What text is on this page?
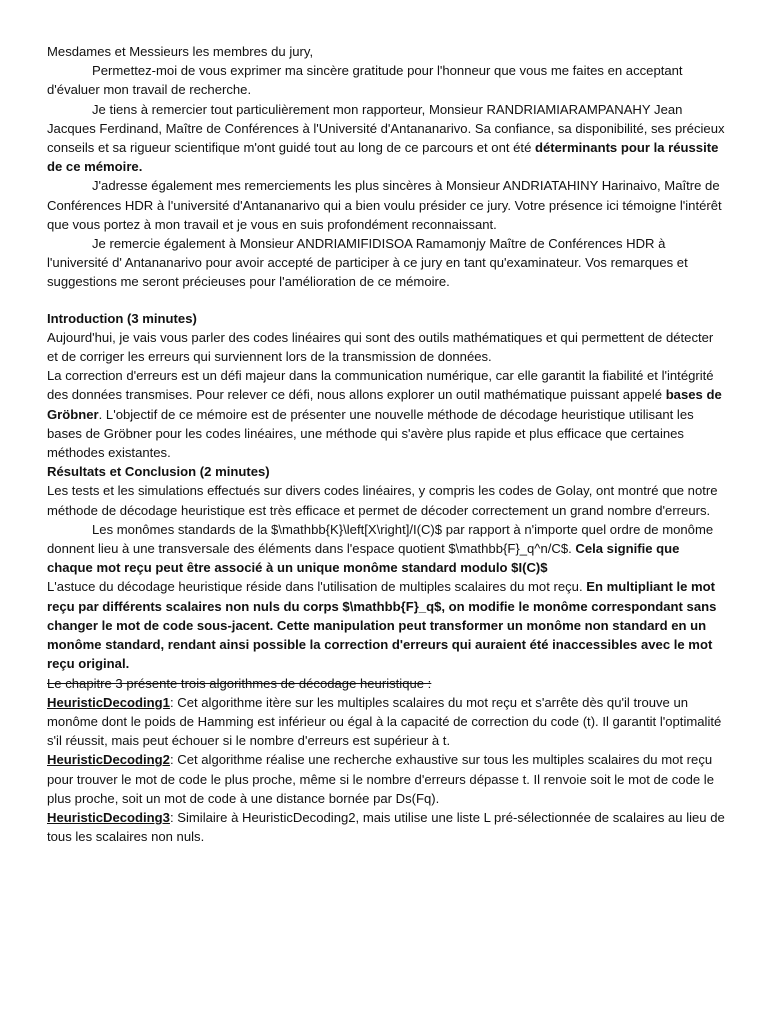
Mesdames et Messieurs les membres du jury,

Permettez-moi de vous exprimer ma sincère gratitude pour l'honneur que vous me faites en acceptant d'évaluer mon travail de recherche.

Je tiens à remercier tout particulièrement mon rapporteur, Monsieur RANDRIAMIARAMPANAHY Jean Jacques Ferdinand, Maître de Conférences à l'Université d'Antananarivo. Sa confiance, sa disponibilité, ses précieux conseils et sa rigueur scientifique m'ont guidé tout au long de ce parcours et ont été déterminants pour la réussite de ce mémoire.

J'adresse également mes remerciements les plus sincères à Monsieur ANDRIATAHINY Harinaivo, Maître de Conférences HDR à l'université d'Antananarivo qui a bien voulu présider ce jury. Votre présence ici témoigne l'intérêt que vous portez à mon travail et je vous en suis profondément reconnaissant.

Je remercie également à Monsieur ANDRIAMIFIDISOA Ramamonjy Maître de Conférences HDR à l'université d' Antananarivo pour avoir accepté de participer à ce jury en tant qu'examinateur. Vos remarques et suggestions me seront précieuses pour l'amélioration de ce mémoire.

Introduction (3 minutes)

Aujourd'hui, je vais vous parler des codes linéaires qui sont des outils mathématiques et qui permettent de détecter et de corriger les erreurs qui surviennent lors de la transmission de données.

La correction d'erreurs est un défi majeur dans la communication numérique, car elle garantit la fiabilité et l'intégrité des données transmises. Pour relever ce défi, nous allons explorer un outil mathématique puissant appelé bases de Gröbner. L'objectif de ce mémoire est de présenter une nouvelle méthode de décodage heuristique utilisant les bases de Gröbner pour les codes linéaires, une méthode qui s'avère plus rapide et plus efficace que certaines méthodes existantes.

Résultats et Conclusion (2 minutes)

Les tests et les simulations effectués sur divers codes linéaires, y compris les codes de Golay, ont montré que notre méthode de décodage heuristique est très efficace et permet de décoder correctement un grand nombre d'erreurs.

Les monômes standards de la $\mathbb{K}\left[X\right]/I(C)$ par rapport à n'importe quel ordre de monôme donnent lieu à une transversale des éléments dans l'espace quotient $\mathbb{F}_q^n/C$. Cela signifie que chaque mot reçu peut être associé à un unique monôme standard modulo $I(C)$

L'astuce du décodage heuristique réside dans l'utilisation de multiples scalaires du mot reçu. En multipliant le mot reçu par différents scalaires non nuls du corps $\mathbb{F}_q$, on modifie le monôme correspondant sans changer le mot de code sous-jacent. Cette manipulation peut transformer un monôme non standard en un monôme standard, rendant ainsi possible la correction d'erreurs qui auraient été inaccessibles avec le mot reçu original.

Le chapitre 3 présente trois algorithmes de décodage heuristique :

HeuristicDecoding1: Cet algorithme itère sur les multiples scalaires du mot reçu et s'arrête dès qu'il trouve un monôme dont le poids de Hamming est inférieur ou égal à la capacité de correction du code (t). Il garantit l'optimalité s'il réussit, mais peut échouer si le nombre d'erreurs est supérieur à t.

HeuristicDecoding2: Cet algorithme réalise une recherche exhaustive sur tous les multiples scalaires du mot reçu pour trouver le mot de code le plus proche, même si le nombre d'erreurs dépasse t. Il renvoie soit le mot de code le plus proche, soit un mot de code à une distance bornée par Ds(Fq).

HeuristicDecoding3: Similaire à HeuristicDecoding2, mais utilise une liste L pré-sélectionnée de scalaires au lieu de tous les scalaires non nuls.
